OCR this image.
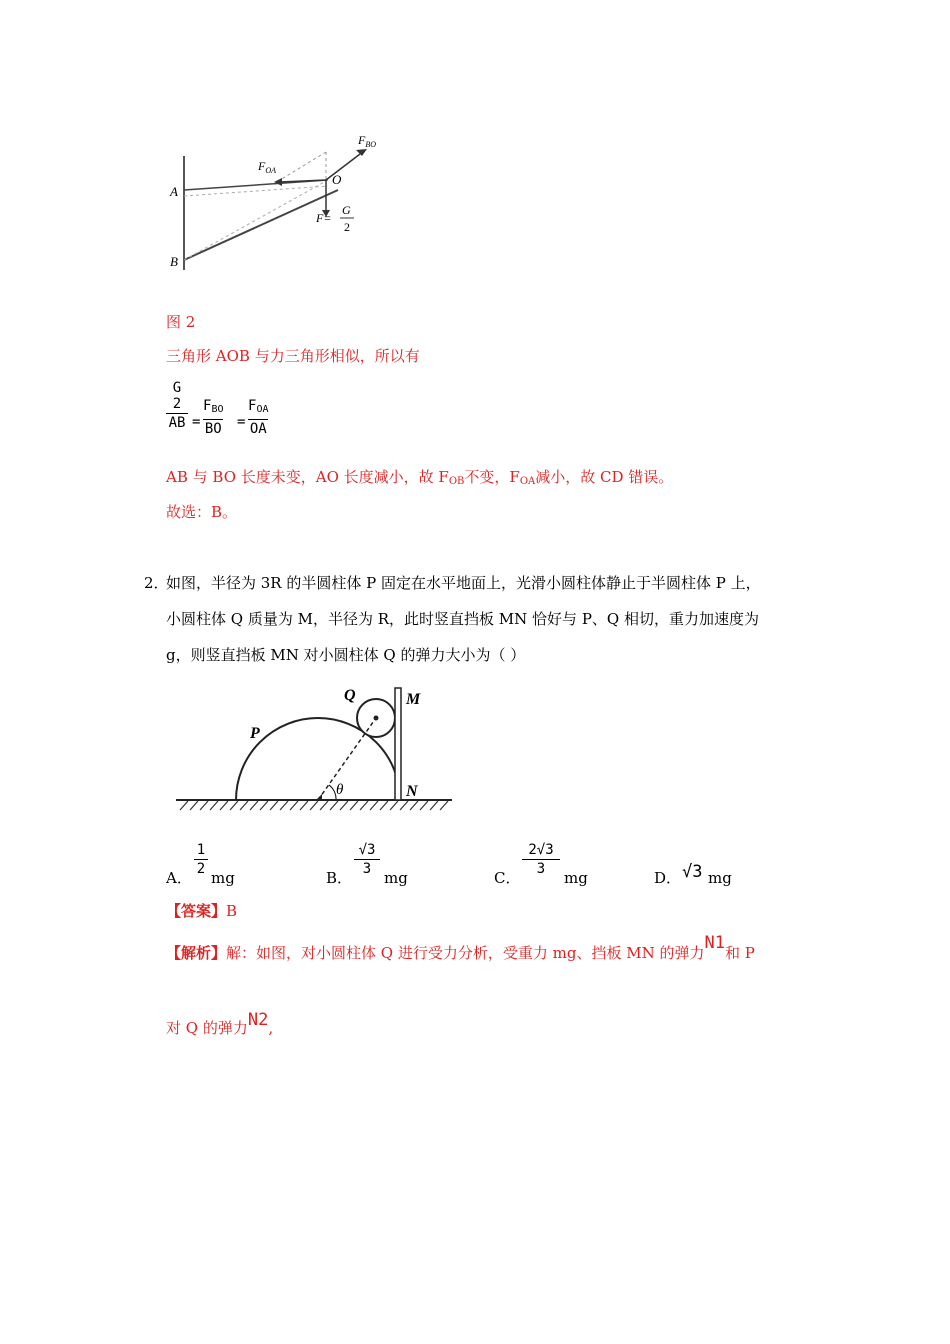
A
B
O
$F_{OA}$
$F_{BO}$
F=
G
2
图 2
三角形 AOB 与力三角形相似，所以有
G
2
AB =
$F_{BO}$
BO =
$F_{OA}$
OA
AB 与 BO 长度未变，AO 长度减小，故 $F_{OB}$不变，$F_{OA}$减小，故 CD 错误。
故选：B。
2．
如图，半径为 3R 的半圆柱体 P 固定在水平地面上，光滑小圆柱体静止于半圆柱体 P 上，
小圆柱体 Q 质量为 M，半径为 R，此时竖直挡板 MN 恰好与 P、Q 相切，重力加速度为
g，则竖直挡板 MN 对小圆柱体 Q 的弹力大小为（ ）
P
Q	M
N
θ
A．
1
2 mg	B．
√3
3 mg	C．
2√3
3 mg	D． √3 mg
【答案】B
【解析】解：如图，对小圆柱体 Q 进行受力分析，受重力 mg、挡板 MN 的弹力N1和 P
对 Q 的弹力N2,
